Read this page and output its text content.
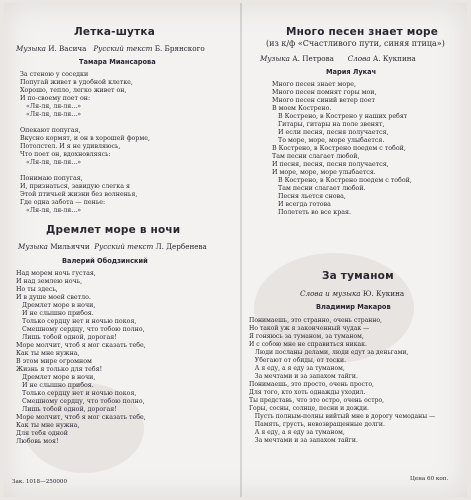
Летка-шутка
Музыка И. Васича Русский текст Б. Брянского
Тамара Миансарова
За стеною у соседки
Попугай живет в удобной клетке,
Хорошо, тепло, легко живет он,
И по-своему поет он:
«Ля-ля, ля-ля...»
«Ля-ля, ля-ля...»

Опекают попугая,
Вкусно кормят, и он в хорошей форме,
Потолстел. И я не удивляюсь,
Что поет он, вдохновляясь:
«Ля-ля, ля-ля...»

Понимаю попугая,
И, признаться, завидую слегка я
Этой птичьей жизни без волненья,
Где одна забота — пенье:
«Ля-ля, ля-ля...»
Дремлет море в ночи
Музыка Мильяччи Русский текст Л. Дербенева
Валерий Ободзинский
Над морем ночь густая,
И над землею ночь,
Но ты здесь,
И в душе моей светло.
Дремлет море в ночи,
И не слышно прибоя.
Только сердцу нет и ночью покоя,
Смешному сердцу, что тобою полно,
Лишь тобой одной, дорогая!
Море молчит, чтоб я мог сказать тебе,
Как ты мне нужна,
В этом мире огромном
Жизнь я только для тебя!
Дремлет море в ночи,
И не слышно прибоя.
Только сердцу нет и ночью покоя,
Смешному сердцу, что тобою полно,
Лишь тобой одной, дорогая!
Море молчит, чтоб я мог сказать тебе,
Как ты мне нужна,
Для тебя одной
Любовь моя!
Много песен знает море
(из к/ф «Счастливого пути, синяя птица»)
Музыка А. Петрова Слова А. Кукпина
Мария Лукач
Много песен знает море,
Много песен помнят горы мои,
Много песен синий ветер поет
В моем Кострено.
В Кострено, в Кострено у наших ребят
Гитары, гитары на поле звенят,
И если песня, песня получается,
То море, море, море улыбается.
В Кострено, в Кострено поедем с тобой,
Там песни слагает любой,
И песня, песня, песня получается,
И море, море, море улыбается.
В Кострено, в Кострено поедем с тобой,
Там песни слагает любой.
Песня льется снова,
И всегда готова
Полететь во все края.
За туманом
Слова и музыка Ю. Кукина
Владимир Макаров
Понимаешь, это странно, очень странно,
Но такой уж я законченный чудак —
Я гоняюсь за туманом, за туманом,
И с собою мне не справиться никак.
Люди посланы делами, люди едут за деньгами,
Убегают от обиды, от тоски.
А я еду, а я еду за туманом,
За мечтами и за запахом тайги.
Понимаешь, это просто, очень просто,
Для того, кто хоть однажды уходил.
Ты представь, что это остро, очень остро,
Горы, сосны, солнце, песни и дожди.
Пусть полным-полны вийтый мне в дорогу чемоданы —
Память, грусть, невозвращенные долги.
А я еду, а я еду за туманом,
За мечтами и за запахом тайги.
Зак. 1018—250000	Цена 60 коп.
